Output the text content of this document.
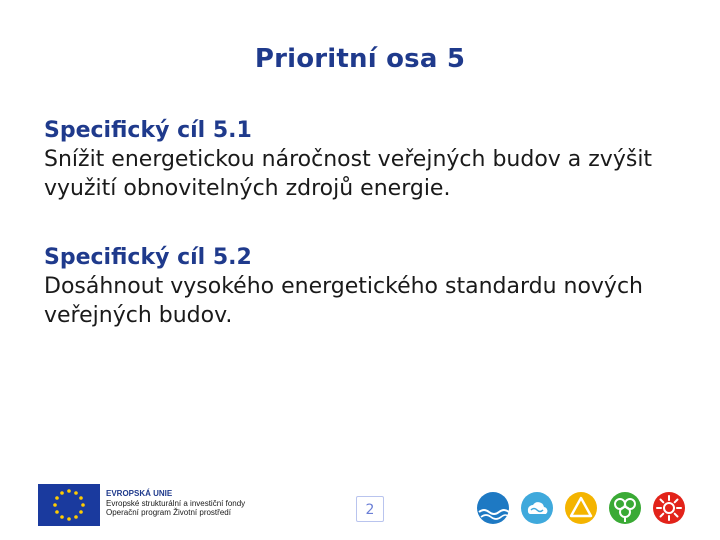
Prioritní osa 5
Specifický cíl 5.1
Snížit energetickou náročnost veřejných budov a zvýšit využití obnovitelných zdrojů energie.
Specifický cíl 5.2
Dosáhnout vysokého energetického standardu nových veřejných budov.
EVROPSKÁ UNIE
Evropské strukturální a investiční fondy
Operační program Životní prostředí	2
